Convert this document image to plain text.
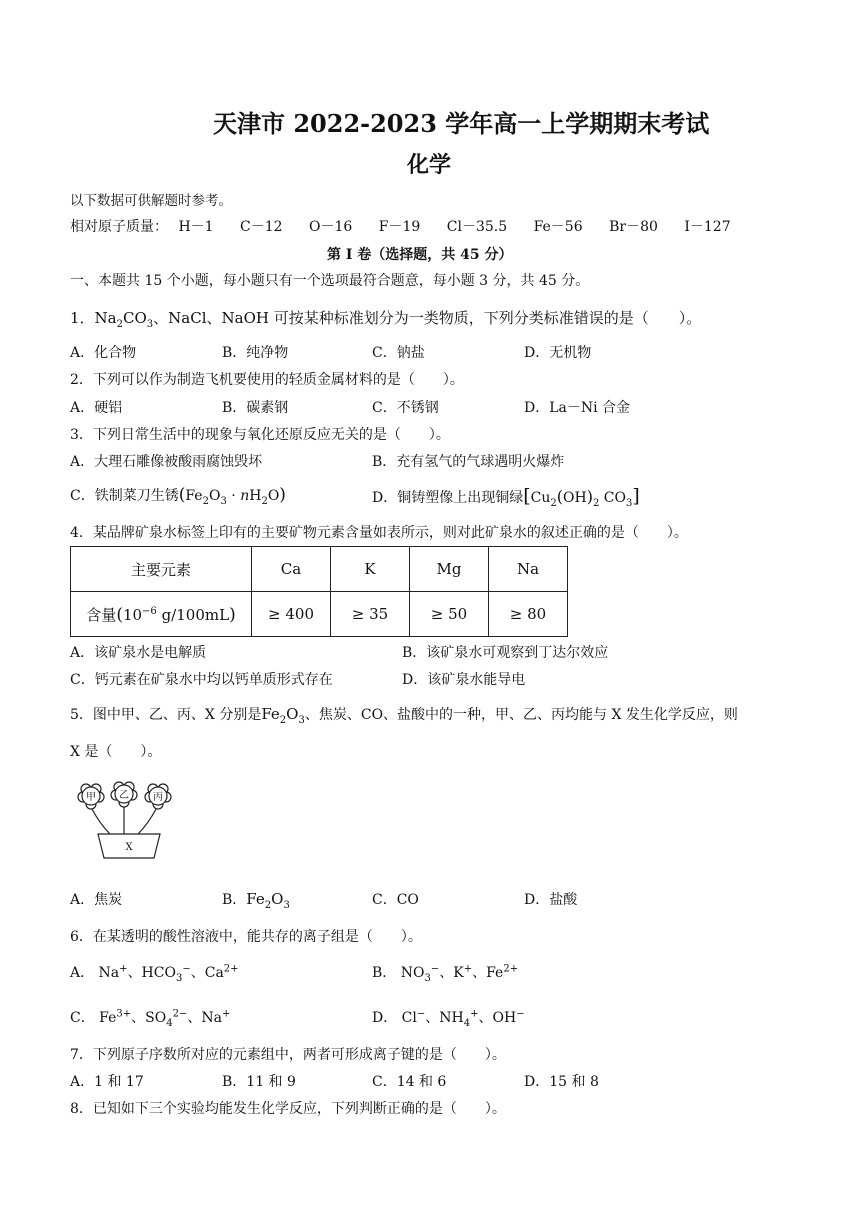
天津市 2022-2023 学年高一上学期期末考试
化学
以下数据可供解题时参考。
相对原子质量： H－1 C－12 O－16 F－19 Cl－35.5 Fe－56 Br－80 I－127
第 I 卷（选择题，共 45 分）
一、本题共 15 个小题，每小题只有一个选项最符合题意，每小题 3 分，共 45 分。
1．$Na_2CO_3$、NaCl、NaOH 可按某种标准划分为一类物质，下列分类标准错误的是（　　）。
A．化合物	B．纯净物	C．钠盐	D．无机物
2．下列可以作为制造飞机要使用的轻质金属材料的是（　　）。
A．硬铝	B．碳素钢	C．不锈钢	D．La－Ni 合金
3．下列日常生活中的现象与氧化还原反应无关的是（　　）。
A．大理石雕像被酸雨腐蚀毁坏	B．充有氢气的气球遇明火爆炸
C．铁制菜刀生锈$(Fe_2O_3 \cdot nH_2O)$	D．铜铸塑像上出现铜绿[$Cu_2(OH)_2$ $CO_3$]
4．某品牌矿泉水标签上印有的主要矿物元素含量如表所示，则对此矿泉水的叙述正确的是（　　）。
主要元素	Ca	K	Mg	Na
含量($10^{-6}$ g/100mL)	≥ 400	≥ 35	≥ 50	≥ 80
A．该矿泉水是电解质	B．该矿泉水可观察到丁达尔效应
C．钙元素在矿泉水中均以钙单质形式存在	D．该矿泉水能导电
5．图中甲、乙、丙、X 分别是$Fe_2O_3$、焦炭、CO、盐酸中的一种，甲、乙、丙均能与 X 发生化学反应，则
X 是（　　）。
甲 乙 丙
X
A．焦炭	B．$Fe_2O_3$	C．CO	D．盐酸
6．在某透明的酸性溶液中，能共存的离子组是（　　）。
A． Na+、$HCO_3^-$、$Ca^{2+}$	B． $NO_3^-$、K+、$Fe^{2+}$
C． $Fe^{3+}$、$SO_4^{2-}$、Na+	D． Cl−、$NH_4^+$、OH−
7．下列原子序数所对应的元素组中，两者可形成离子键的是（　　）。
A．1 和 17	B．11 和 9	C．14 和 6	D．15 和 8
8．已知如下三个实验均能发生化学反应，下列判断正确的是（　　）。
